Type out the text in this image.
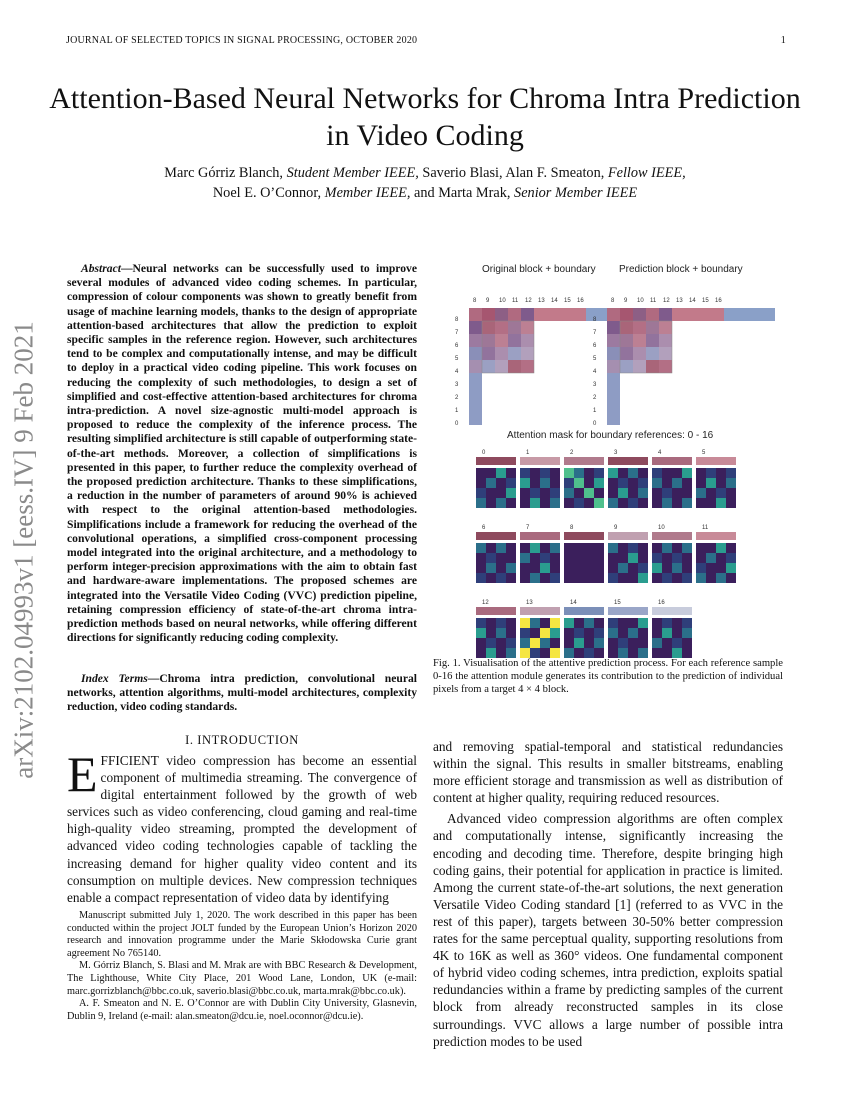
JOURNAL OF SELECTED TOPICS IN SIGNAL PROCESSING, OCTOBER 2020	1
Attention-Based Neural Networks for Chroma Intra Prediction in Video Coding
Marc Górriz Blanch, Student Member IEEE, Saverio Blasi, Alan F. Smeaton, Fellow IEEE,
Noel E. O’Connor, Member IEEE, and Marta Mrak, Senior Member IEEE
arXiv:2102.04993v1 [eess.IV] 9 Feb 2021
Abstract—Neural networks can be successfully used to improve several modules of advanced video coding schemes. In particular, compression of colour components was shown to greatly benefit from usage of machine learning models, thanks to the design of appropriate attention-based architectures that allow the prediction to exploit specific samples in the reference region. However, such architectures tend to be complex and computationally intense, and may be difficult to deploy in a practical video coding pipeline. This work focuses on reducing the complexity of such methodologies, to design a set of simplified and cost-effective attention-based architectures for chroma intra-prediction. A novel size-agnostic multi-model approach is proposed to reduce the complexity of the inference process. The resulting simplified architecture is still capable of outperforming state-of-the-art methods. Moreover, a collection of simplifications is presented in this paper, to further reduce the complexity overhead of the proposed prediction architecture. Thanks to these simplifications, a reduction in the number of parameters of around 90% is achieved with respect to the original attention-based methodologies. Simplifications include a framework for reducing the overhead of the convolutional operations, a simplified cross-component processing model integrated into the original architecture, and a methodology to perform integer-precision approximations with the aim to obtain fast and hardware-aware implementations. The proposed schemes are integrated into the Versatile Video Coding (VVC) prediction pipeline, retaining compression efficiency of state-of-the-art chroma intra-prediction methods based on neural networks, while offering different directions for significantly reducing coding complexity.
Index Terms—Chroma intra prediction, convolutional neural networks, attention algorithms, multi-model architectures, complexity reduction, video coding standards.
I. INTRODUCTION
EFFICIENT video compression has become an essential component of multimedia streaming. The convergence of digital entertainment followed by the growth of web services such as video conferencing, cloud gaming and real-time high-quality video streaming, prompted the development of advanced video coding technologies capable of tackling the increasing demand for higher quality video content and its consumption on multiple devices. New compression techniques enable a compact representation of video data by identifying

Manuscript submitted July 1, 2020. The work described in this paper has been conducted within the project JOLT funded by the European Union’s Horizon 2020 research and innovation programme under the Marie Skłodowska Curie grant agreement No 765140.

M. Górriz Blanch, S. Blasi and M. Mrak are with BBC Research & Development, The Lighthouse, White City Place, 201 Wood Lane, London, UK (e-mail: marc.gorrizblanch@bbc.co.uk, saverio.blasi@bbc.co.uk, marta.mrak@bbc.co.uk).

A. F. Smeaton and N. E. O’Connor are with Dublin City University, Glasnevin, Dublin 9, Ireland (e-mail: alan.smeaton@dcu.ie, noel.oconnor@dcu.ie).

Original block + boundary Prediction block + boundary
8 9 10 11 12 13 14 15 16
8
7
6
5
4
3
2
1
0
8 9 10 11 12 13 14 15 16
8
7
6
5
4
3
2
1
0
Attention mask for boundary references: 0 - 16
0	1	2	3	4	5
6	7	8	9	10	11
12	13	14	15	16
Fig. 1. Visualisation of the attentive prediction process. For each reference sample 0-16 the attention module generates its contribution to the prediction of individual pixels from a target 4 × 4 block.

and removing spatial-temporal and statistical redundancies within the signal. This results in smaller bitstreams, enabling more efficient storage and transmission as well as distribution of content at higher quality, requiring reduced resources.

Advanced video compression algorithms are often complex and computationally intense, significantly increasing the encoding and decoding time. Therefore, despite bringing high coding gains, their potential for application in practice is limited. Among the current state-of-the-art solutions, the next generation Versatile Video Coding standard [1] (referred to as VVC in the rest of this paper), targets between 30-50% better compression rates for the same perceptual quality, supporting resolutions from 4K to 16K as well as 360° videos. One fundamental component of hybrid video coding schemes, intra prediction, exploits spatial redundancies within a frame by predicting samples of the current block from already reconstructed samples in its close surroundings. VVC allows a large number of possible intra prediction modes to be used
